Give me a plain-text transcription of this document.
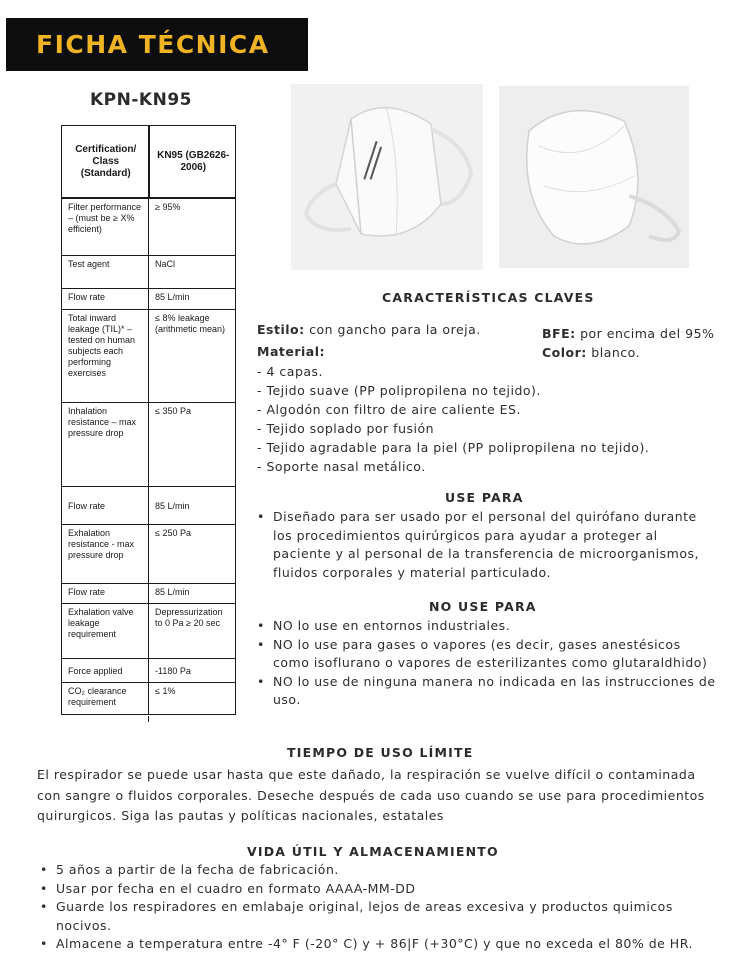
FICHA TÉCNICA
KPN-KN95
Certification/ Class (Standard)	KN95 (GB2626-2006)
Filter performance – (must be ≥ X% efficient)	≥ 95%
Test agent	NaCl
Flow rate	85 L/min
Total inward leakage (TIL)* – tested on human subjects each performing exercises	≤ 8% leakage (arithmetic mean)
Inhalation resistance – max pressure drop	≤ 350 Pa
Flow rate	85 L/min
Exhalation resistance - max pressure drop	≤ 250 Pa
Flow rate	85 L/min
Exhalation valve leakage requirement	Depressurization to 0 Pa ≥ 20 sec
Force applied	-1180 Pa
CO₂ clearance requirement	≤ 1%
CARACTERÍSTICAS CLAVES
Estilo: con gancho para la oreja.	BFE: por encima del 95%
Material:	Color: blanco.
- 4 capas.
- Tejido suave (PP polipropilena no tejido).
- Algodón con filtro de aire caliente ES.
- Tejido soplado por fusión
- Tejido agradable para la piel (PP polipropilena no tejido).
- Soporte nasal metálico.
USE PARA
• Diseñado para ser usado por el personal del quirófano durante los procedimientos quirúrgicos para ayudar a proteger al paciente y al personal de la transferencia de microorganismos, fluidos corporales y material particulado.
NO USE PARA
• NO lo use en entornos industriales.
• NO lo use para gases o vapores (es decir, gases anestésicos como isoflurano o vapores de esterilizantes como glutaraldhido)
• NO lo use de ninguna manera no indicada en las instrucciones de uso.
TIEMPO DE USO LÍMITE
El respirador se puede usar hasta que este dañado, la respiración se vuelve difícil o contaminada con sangre o fluidos corporales. Deseche después de cada uso cuando se use para procedimientos quirurgicos. Siga las pautas y políticas nacionales, estatales
VIDA ÚTIL Y ALMACENAMIENTO
• 5 años a partir de la fecha de fabricación.
• Usar por fecha en el cuadro en formato AAAA-MM-DD
• Guarde los respiradores en emlabaje original, lejos de areas excesiva y productos quimicos nocivos.
• Almacene a temperatura entre -4° F (-20° C) y + 86|F (+30°C) y que no exceda el 80% de HR.
